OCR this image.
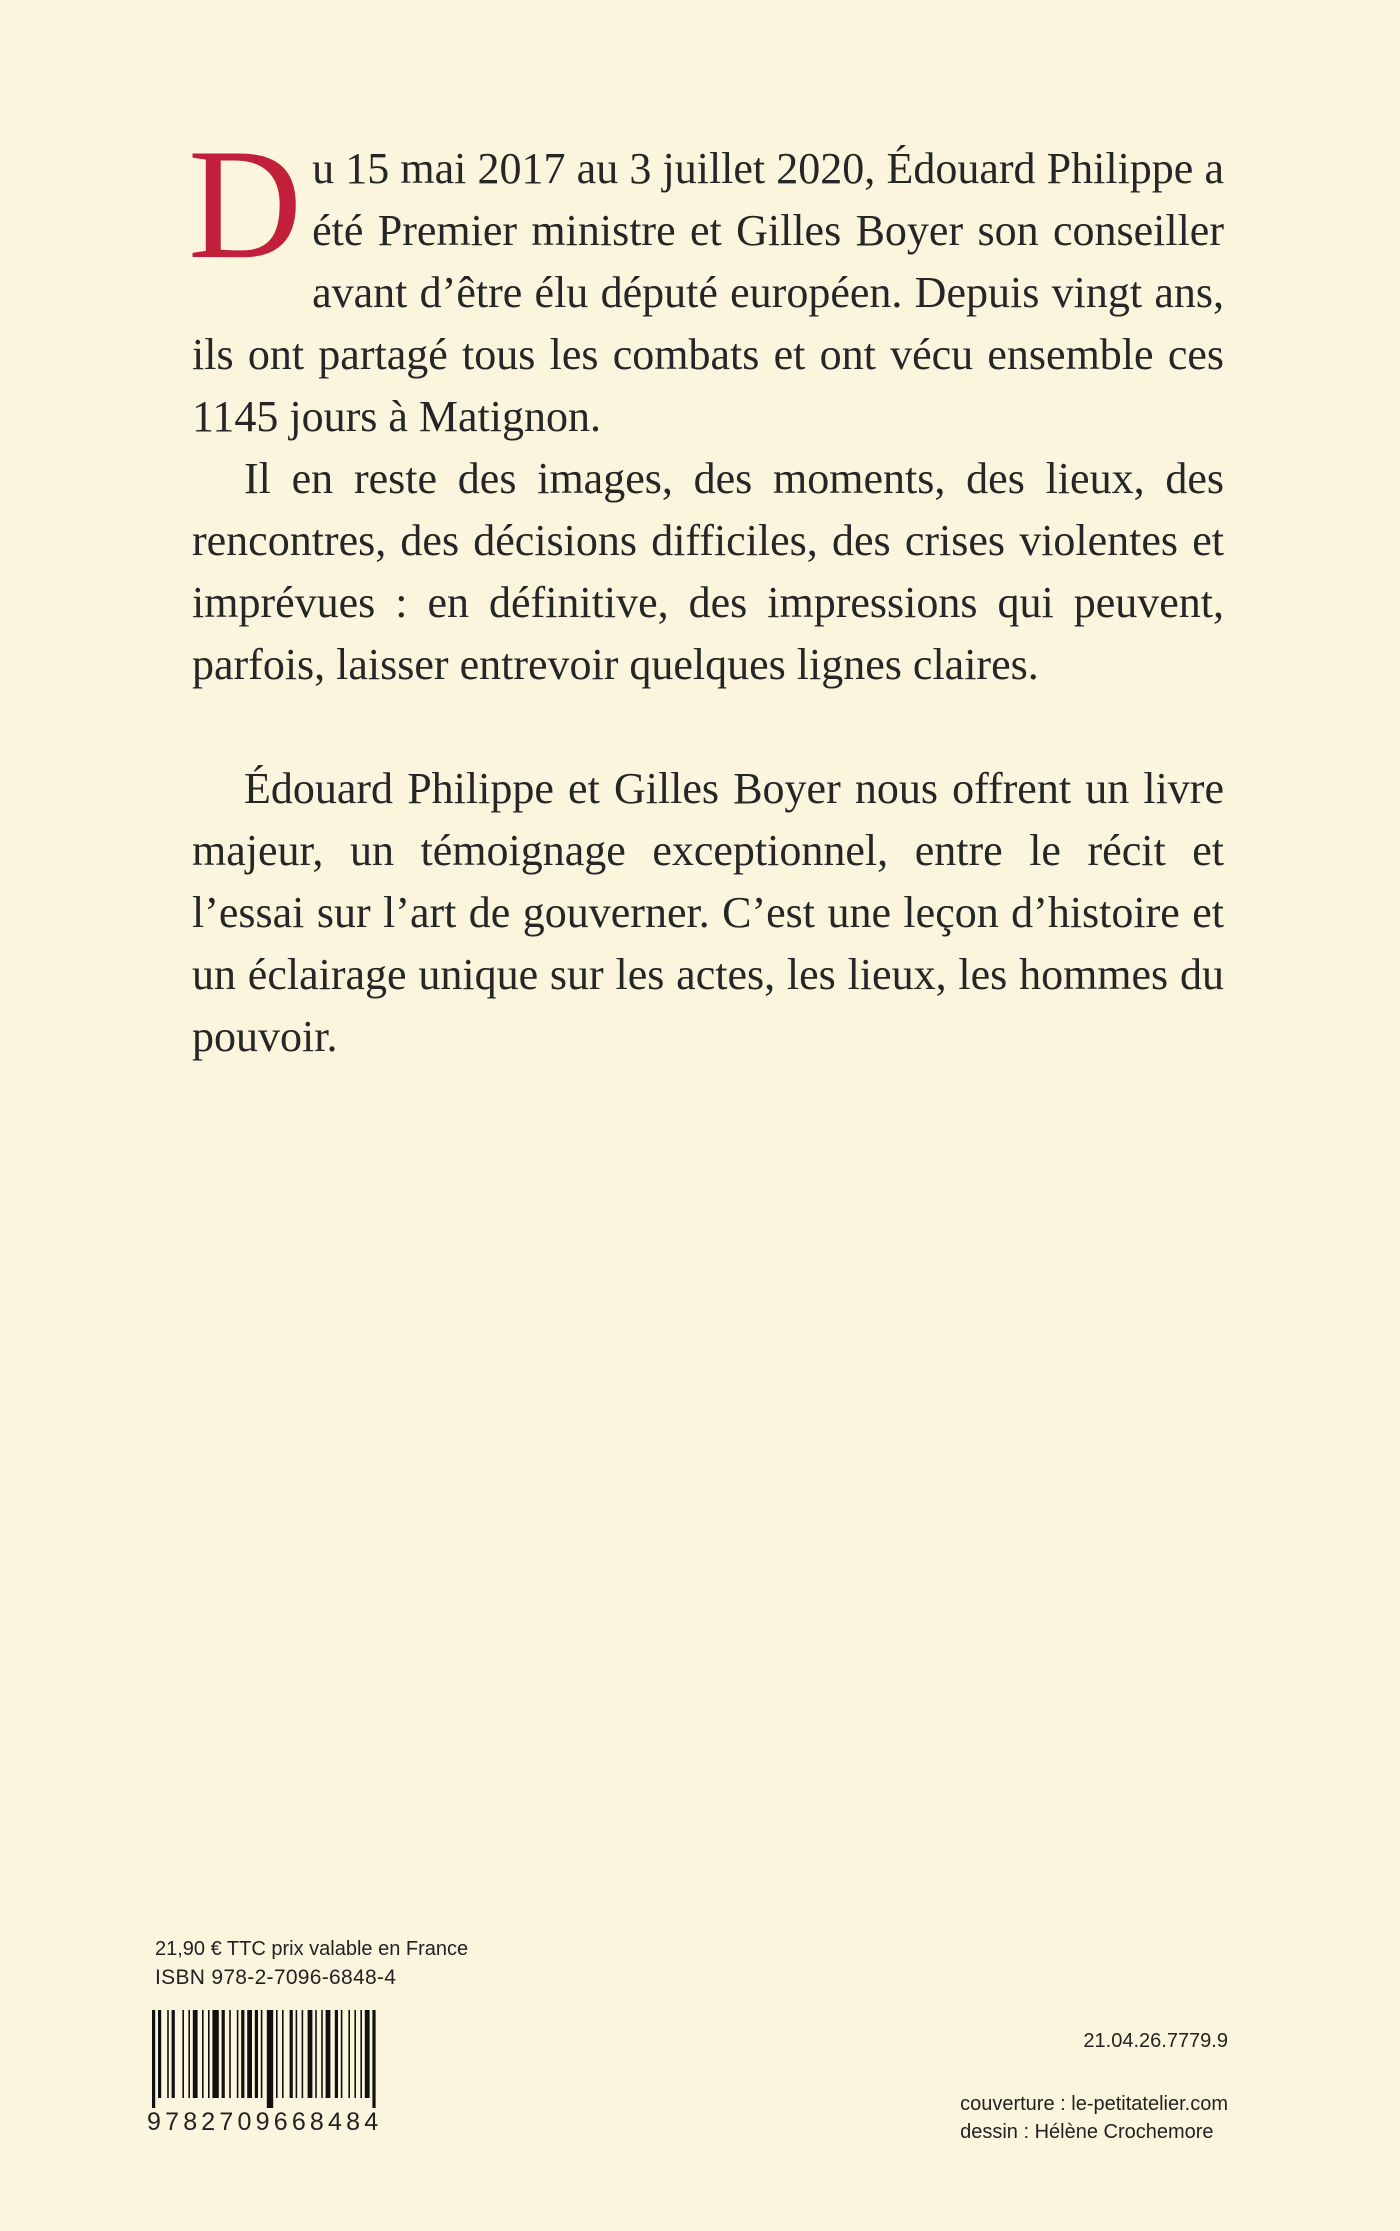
Du 15 mai 2017 au 3 juillet 2020, Édouard Philippe a été Premier ministre et Gilles Boyer son conseiller avant d’être élu député européen. Depuis vingt ans, ils ont partagé tous les combats et ont vécu ensemble ces 1145 jours à Matignon.

Il en reste des images, des moments, des lieux, des rencontres, des décisions difficiles, des crises violentes et imprévues : en définitive, des impressions qui peuvent, parfois, laisser entrevoir quelques lignes claires.

Édouard Philippe et Gilles Boyer nous offrent un livre majeur, un témoignage exceptionnel, entre le récit et l’essai sur l’art de gouverner. C’est une leçon d’histoire et un éclairage unique sur les actes, les lieux, les hommes du pouvoir.

21,90 € TTC prix valable en France
ISBN 978-2-7096-6848-4
9782709668484
21.04.26.7779.9
couverture : le-petitatelier.com
dessin : Hélène Crochemore
